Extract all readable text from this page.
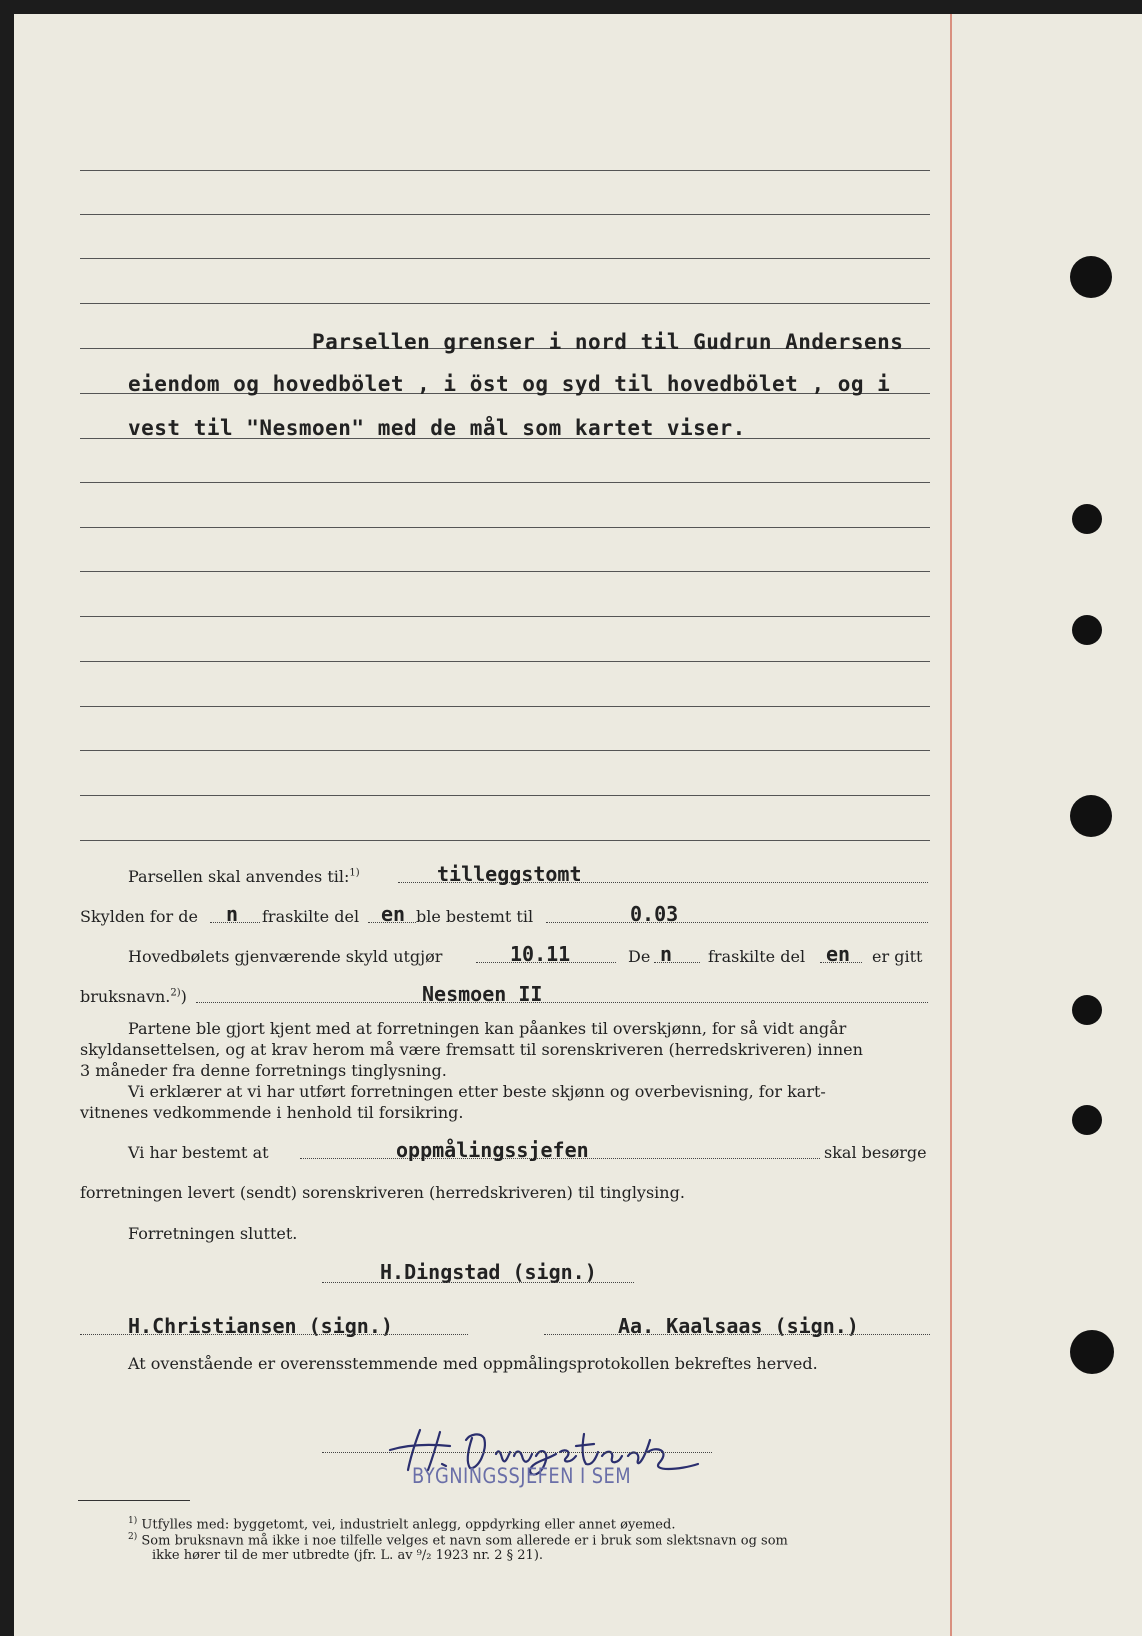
Parsellen grenser i nord til Gudrun Andersens
eiendom og hovedbölet , i öst og syd til hovedbölet , og i
vest til "Nesmoen" med de mål som kartet viser.
Parsellen skal anvendes til:$^{1)}$	tilleggstomt
Skylden for de n fraskilte del en ble bestemt til	0.03
Hovedbølets gjenværende skyld utgjør	10.11	De n fraskilte del en er gitt
bruksnavn.$^{2)}$)	Nesmoen II
Partene ble gjort kjent med at forretningen kan påankes til overskjønn, for så vidt angår
skyldansettelsen, og at krav herom må være fremsatt til sorenskriveren (herredskriveren) innen
3 måneder fra denne forretnings tinglysning.
Vi erklærer at vi har utført forretningen etter beste skjønn og overbevisning, for kart-
vitnenes vedkommende i henhold til forsikring.
Vi har bestemt at	oppmålingssjefen	skal besørge
forretningen levert (sendt) sorenskriveren (herredskriveren) til tinglysing.
Forretningen sluttet.
H.Dingstad (sign.)
H.Christiansen (sign.)	Aa. Kaalsaas (sign.)
At ovenstående er overensstemmende med oppmålingsprotokollen bekreftes herved.
BYGNINGSSJEFEN I SEM
$^{1)}$ Utfylles med: byggetomt, vei, industrielt anlegg, oppdyrking eller annet øyemed.
$^{2)}$ Som bruksnavn må ikke i noe tilfelle velges et navn som allerede er i bruk som slektsnavn og som
ikke hører til de mer utbredte (jfr. L. av ⁹/₂ 1923 nr. 2 § 21).
